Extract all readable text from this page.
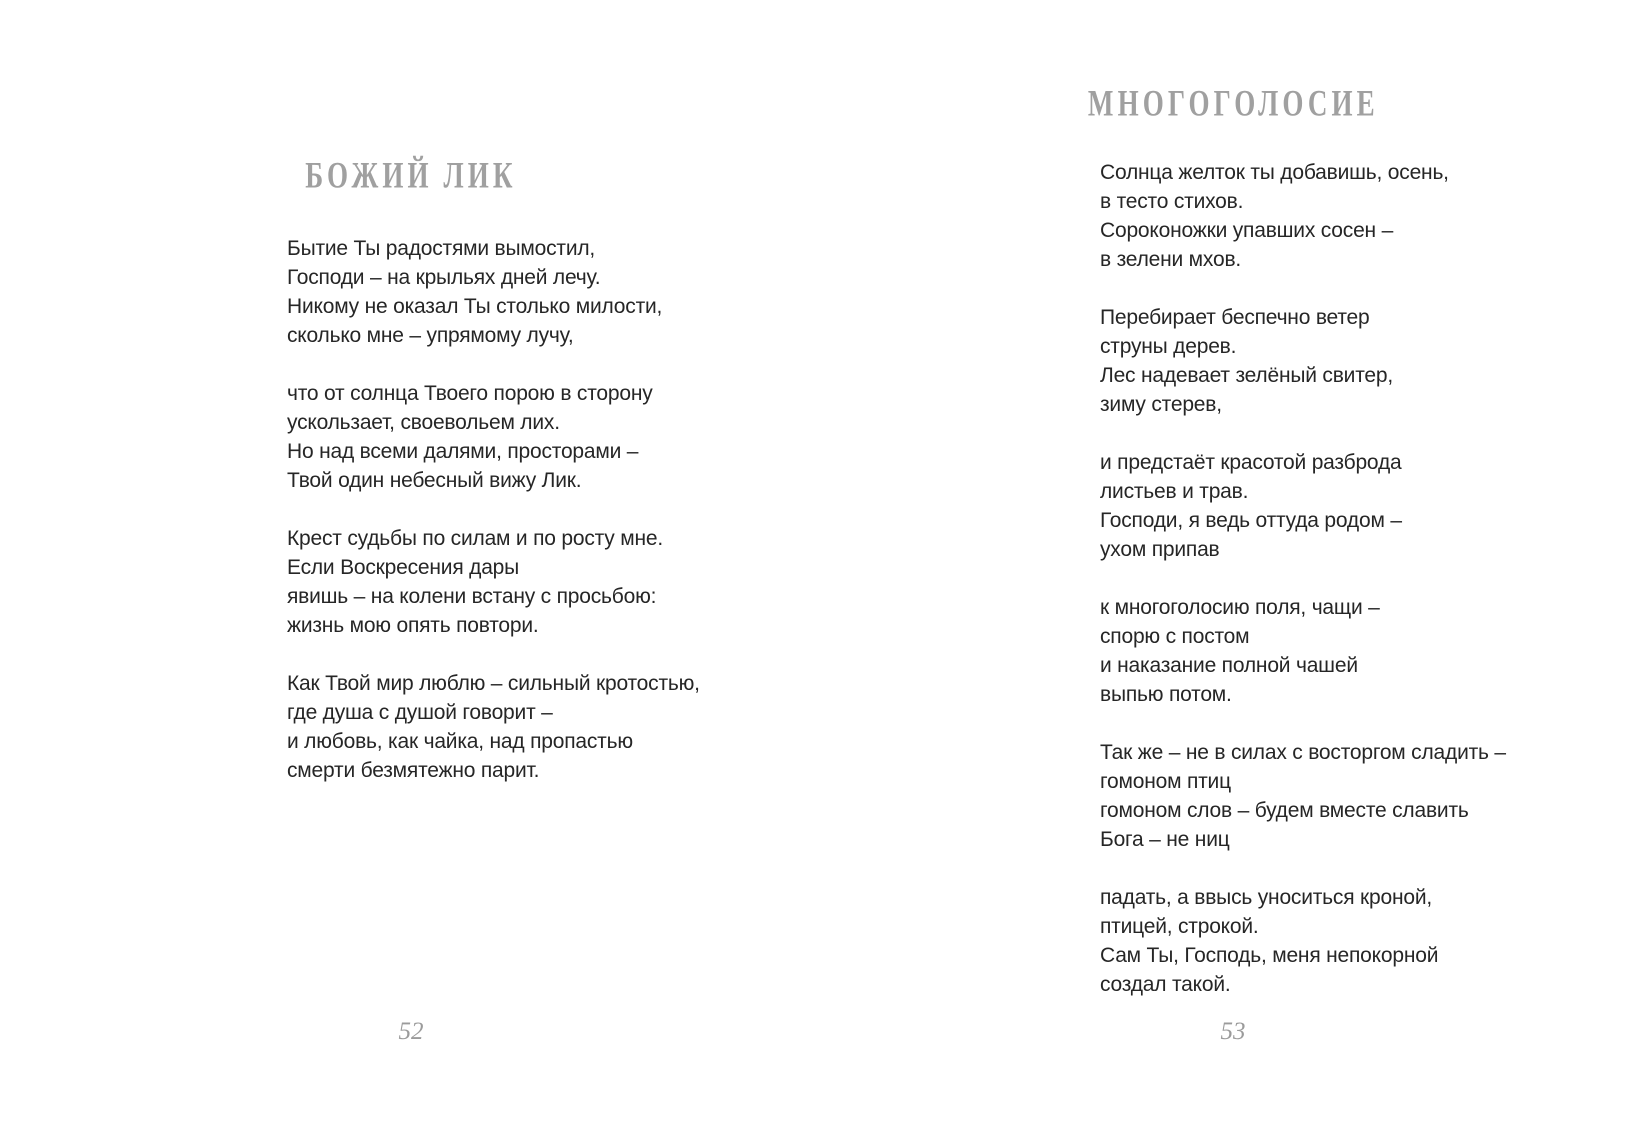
БОЖИЙ ЛИК
Бытие Ты радостями вымостил,
Господи – на крыльях дней лечу.
Никому не оказал Ты столько милости,
сколько мне – упрямому лучу,
что от солнца Твоего порою в сторону
ускользает, своевольем лих.
Но над всеми далями, просторами –
Твой один небесный вижу Лик.
Крест судьбы по силам и по росту мне.
Если Воскресения дары
явишь – на колени встану с просьбою:
жизнь мою опять повтори.
Как Твой мир люблю – сильный кротостью,
где душа с душой говорит –
и любовь, как чайка, над пропастью
смерти безмятежно парит.
52
МНОГОГОЛОСИЕ
Солнца желток ты добавишь, осень,
в тесто стихов.
Сороконожки упавших сосен –
в зелени мхов.
Перебирает беспечно ветер
струны дерев.
Лес надевает зелёный свитер,
зиму стерев,
и предстаёт красотой разброда
листьев и трав.
Господи, я ведь оттуда родом –
ухом припав
к многоголосию поля, чащи –
спорю с постом
и наказание полной чашей
выпью потом.
Так же – не в силах с восторгом сладить –
гомоном птиц
гомоном слов – будем вместе славить
Бога – не ниц
падать, а ввысь уноситься кроной,
птицей, строкой.
Сам Ты, Господь, меня непокорной
создал такой.
53
